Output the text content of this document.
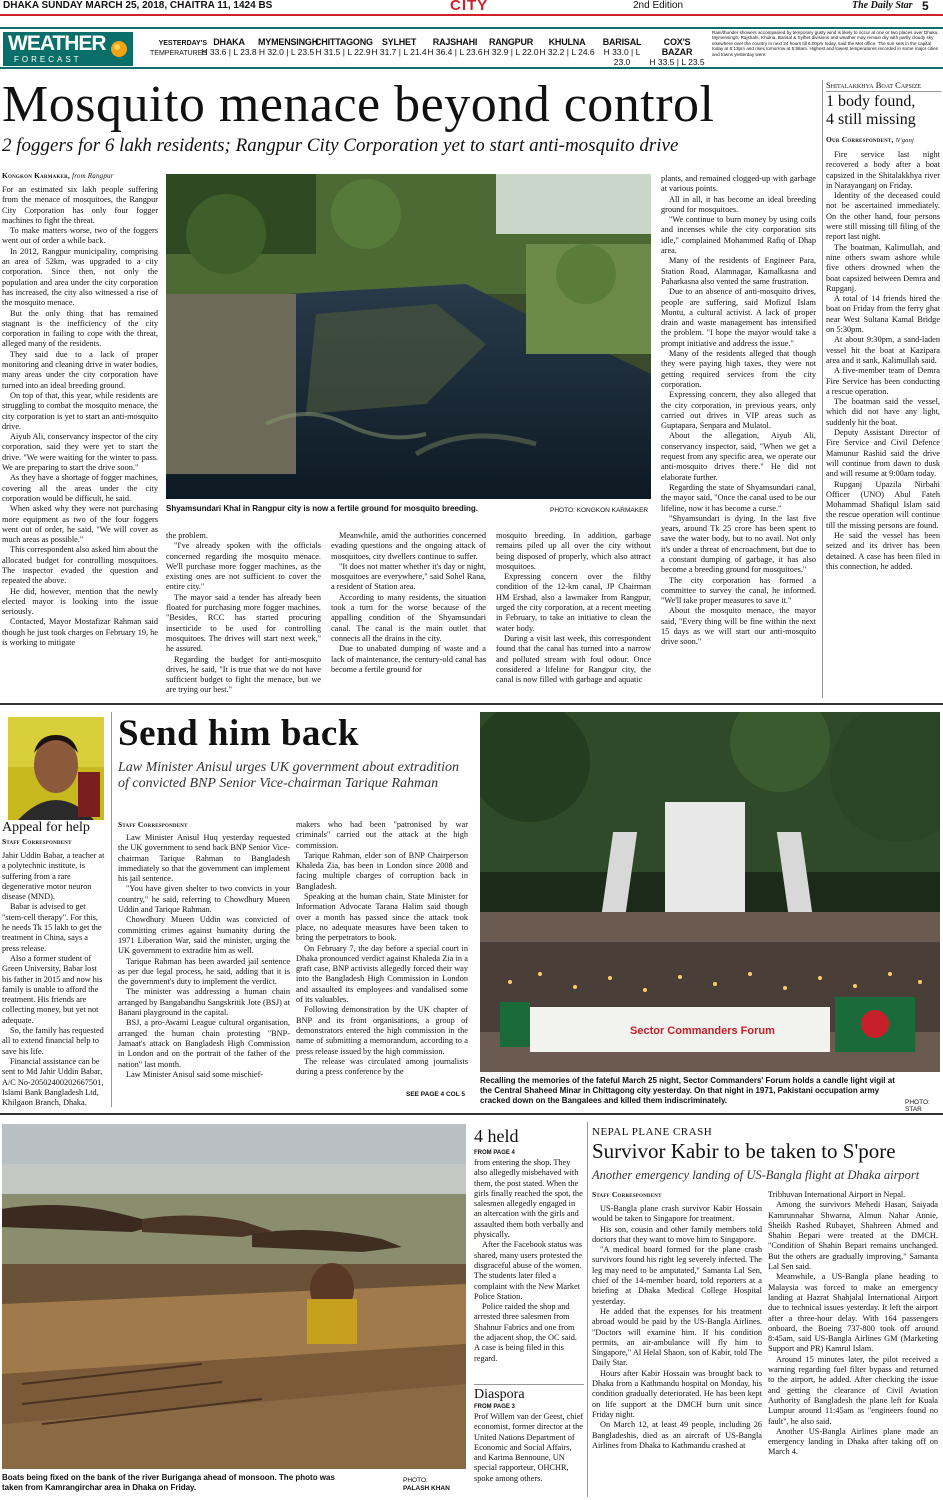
DHAKA SUNDAY MARCH 25, 2018, CHAITRA 11, 1424 BS	CITY	2nd Edition	The Daily Star 5
WEATHER
FORECAST
YESTERDAY'S
TEMPERATURES
DHAKA
H 33.6 | L 23.8
MYMENSINGH
H 32.0 | L 23.5
CHITTAGONG
H 31.5 | L 22.9
SYLHET
H 31.7 | L 21.4
RAJSHAHI
H 36.4 | L 23.6
RANGPUR
H 32.9 | L 22.0
KHULNA
H 32.2 | L 24.6
BARISAL
H 33.0 | L 23.0
COX'S BAZAR
H 33.5 | L 23.5
Rain/thunder showers accompanied by temporary gusty wind is likely to occur at one or two places over Dhaka, Mymensingh, Rajshahi, Khulna, Barisal & Sylhet divisions and weather may remain dry with partly cloudy sky elsewhere over the country in next 24 hours till 6:00pm today, said the Met office. The sun sets in the capital today at 6:13pm and rises tomorrow at 5:58am. Highest and lowest temperatures recorded in some major cities and towns yesterday were:
Mosquito menace beyond control
2 foggers for 6 lakh residents; Rangpur City Corporation yet to start anti-mosquito drive
Kongkon Karmaker, from Rangpur

For an estimated six lakh people suffering from the menace of mosquitoes, the Rangpur City Corporation has only four fogger machines to fight the threat.

To make matters worse, two of the foggers went out of order a while back.

In 2012, Rangpur municipality, comprising an area of 52km, was upgraded to a city corporation. Since then, not only the population and area under the city corporation has increased, the city also witnessed a rise of the mosquito menace.

But the only thing that has remained stagnant is the inefficiency of the city corporation in failing to cope with the threat, alleged many of the residents.

They said due to a lack of proper monitoring and cleaning drive in water bodies, many areas under the city corporation have turned into an ideal breeding ground.

On top of that, this year, while residents are struggling to combat the mosquito menace, the city corporation is yet to start an anti-mosquito drive.

Aiyub Ali, conservancy inspector of the city corporation, said they were yet to start the drive. "We were waiting for the winter to pass. We are preparing to start the drive soon."

As they have a shortage of fogger machines, covering all the areas under the city corporation would be difficult, he said.

When asked why they were not purchasing more equipment as two of the four foggers went out of order, he said, "We will cover as much areas as possible."

This correspondent also asked him about the allocated budget for controlling mosquitoes. The inspector evaded the question and repeated the above.

He did, however, mention that the newly elected mayor is looking into the issue seriously.

Contacted, Mayor Mostafizar Rahman said though he just took charges on February 19, he is working to mitigate

Shyamsundari Khal in Rangpur city is now a fertile ground for mosquito breeding.	PHOTO: KONGKON KARMAKER

the problem.

"I've already spoken with the officials concerned regarding the mosquito menace. We'll purchase more fogger machines, as the existing ones are not sufficient to cover the entire city."

The mayor said a tender has already been floated for purchasing more fogger machines. "Besides, RCC has started procuring insecticide to be used for controlling mosquitoes. The drives will start next week," he assured.

Regarding the budget for anti-mosquito drives, he said, "It is true that we do not have sufficient budget to fight the menace, but we are trying our best."

Meanwhile, amid the authorities concerned evading questions and the ongoing attack of mosquitoes, city dwellers continue to suffer.

"It does not matter whether it's day or night, mosquitoes are everywhere," said Sohel Rana, a resident of Station area.

According to many residents, the situation took a turn for the worse because of the appalling condition of the Shyamsundari canal. The canal is the main outlet that connects all the drains in the city.

Due to unabated dumping of waste and a lack of maintenance, the century-old canal has become a fertile ground for

mosquito breeding. In addition, garbage remains piled up all over the city without being disposed of properly, which also attract mosquitoes.

Expressing concern over the filthy condition of the 12-km canal, JP Chairman HM Ershad, also a lawmaker from Rangpur, urged the city corporation, at a recent meeting in February, to take an initiative to clean the water body.

During a visit last week, this correspondent found that the canal has turned into a narrow and polluted stream with foul odour. Once considered a lifeline for Rangpur city, the canal is now filled with garbage and aquatic

plants, and remained clogged-up with garbage at various points.

All in all, it has become an ideal breeding ground for mosquitoes.

"We continue to burn money by using coils and incenses while the city corporation sits idle," complained Mohammed Rafiq of Dhap area.

Many of the residents of Engineer Para, Station Road, Alamnagar, Kamalkasna and Paharkasna also vented the same frustration.

Due to an absence of anti-mosquito drives, people are suffering, said Mofizul Islam Montu, a cultural activist. A lack of proper drain and waste management has intensified the problem. "I hope the mayor would take a prompt initiative and address the issue."

Many of the residents alleged that though they were paying high taxes, they were not getting required services from the city corporation.

Expressing concern, they also alleged that the city corporation, in previous years, only carried out drives in VIP areas such as Guptapara, Senpara and Mulatol.

About the allegation, Aiyub Ali, conservancy inspector, said, "When we get a request from any specific area, we operate our anti-mosquito drives there." He did not elaborate further.

Regarding the state of Shyamsundari canal, the mayor said, "Once the canal used to be our lifeline, now it has become a curse."

"Shyamsundari is dying. In the last five years, around Tk 25 crore has been spent to save the water body, but to no avail. Not only it's under a threat of encroachment, but due to a constant dumping of garbage, it has also become a breeding ground for mosquitoes."

The city corporation has formed a committee to survey the canal, he informed. "We'll take proper measures to save it."

About the mosquito menace, the mayor said, "Every thing will be fine within the next 15 days as we will start our anti-mosquito drive soon."

Shitalakkhya Boat Capsize
1 body found,
4 still missing
Our Correspondent, N'ganj

Fire service last night recovered a body after a boat capsized in the Shitalakkhya river in Narayanganj on Friday.

Identity of the deceased could not be ascertained immediately. On the other hand, four persons were still missing till filing of the report last night.

The boatman, Kalimullah, and nine others swam ashore while five others drowned when the boat capsized between Demra and Rupganj.

A total of 14 friends hired the boat on Friday from the ferry ghat near West Sultana Kamal Bridge on 5:30pm.

At about 9:30pm, a sand-laden vessel hit the boat at Kazipara area and it sank, Kalimullah said.

A five-member team of Demra Fire Service has been conducting a rescue operation.

The boatman said the vessel, which did not have any light, suddenly hit the boat.

Deputy Assistant Director of Fire Service and Civil Defence Mamunur Rashid said the drive will continue from dawn to dusk and will resume at 9:00am today.

Rupganj Upazila Nirbahi Officer (UNO) Abul Fateh Mohammad Shafiqul Islam said the rescue operation will continue till the missing persons are found.

He said the vessel has been seized and its driver has been detained. A case has been filed in this connection, he added.

Appeal for help
Staff Correspondent

Jahir Uddin Babar, a teacher at a polytechnic institute, is suffering from a rare degenerative motor neuron disease (MND).

Babar is advised to get "stem-cell therapy". For this, he needs Tk 15 lakh to get the treatment in China, says a press release.

Also a former student of Green University, Babar lost his father in 2015 and now his family is unable to afford the treatment. His friends are collecting money, but yet not adequate.

So, the family has requested all to extend financial help to save his life.

Financial assistance can be sent to Md Jahir Uddin Babar, A/C No-20502400202667501, Islami Bank Bangladesh Ltd, Khilgaon Branch, Dhaka.

Send him back
Law Minister Anisul urges UK government about extradition of convicted BNP Senior Vice-chairman Tarique Rahman
Staff Correspondent

Law Minister Anisul Huq yesterday requested the UK government to send back BNP Senior Vice-chairman Tarique Rahman to Bangladesh immediately so that the government can implement his jail sentence.

"You have given shelter to two convicts in your country," he said, referring to Chowdhury Mueen Uddin and Tarique Rahman.

Chowdhury Mueen Uddin was convicted of committing crimes against humanity during the 1971 Liberation War, said the minister, urging the UK government to extradite him as well.

Tarique Rahman has been awarded jail sentence as per due legal process, he said, adding that it is the government's duty to implement the verdict.

The minister was addressing a human chain arranged by Bangabandhu Sangskritik Jote (BSJ) at Banani playground in the capital.

BSJ, a pro-Awami League cultural organisation, arranged the human chain protesting "BNP-Jamaat's attack on Bangladesh High Commission in London and on the portrait of the father of the nation" last month.

Law Minister Anisul said some mischief-

makers who had been "patronised by war criminals" carried out the attack at the high commission.

Tarique Rahman, elder son of BNP Chairperson Khaleda Zia, has been in London since 2008 and facing multiple charges of corruption back in Bangladesh.

Speaking at the human chain, State Minister for Information Advocate Tarana Halim said though over a month has passed since the attack took place, no adequate measures have been taken to bring the perpetrators to book.

On February 7, the day before a special court in Dhaka pronounced verdict against Khaleda Zia in a graft case, BNP activists allegedly forced their way into the Bangladesh High Commission in London and assaulted its employees and vandalised some of its valuables.

Following demonstration by the UK chapter of BNP and its front organisations, a group of demonstrators entered the high commission in the name of submitting a memorandum, according to a press release issued by the high commission.

The release was circulated among journalists during a press conference by the

SEE PAGE 4 COL 5
Sector Commanders Forum
Recalling the memories of the fateful March 25 night, Sector Commanders' Forum holds a candle light vigil at the Central Shaheed Minar in Chittagong city yesterday. On that night in 1971, Pakistani occupation army cracked down on the Bangalees and killed them indiscriminately.	PHOTO: STAR
Boats being fixed on the bank of the river Buriganga ahead of monsoon. The photo was taken from Kamrangirchar area in Dhaka on Friday.
PHOTO:
PALASH KHAN
4 held
FROM PAGE 4

from entering the shop. They also allegedly misbehaved with them, the post stated. When the girls finally reached the spot, the salesmen allegedly engaged in an altercation with the girls and assaulted them both verbally and physically.

After the Facebook status was shared, many users protested the disgraceful abuse of the women. The students later filed a complaint with the New Market Police Station.

Police raided the shop and arrested three salesmen from Shahnur Fabrics and one from the adjacent shop, the OC said. A case is being filed in this regard.

Diaspora
FROM PAGE 3

Prof Willem van der Geest, chief economist, former director at the United Nations Department of Economic and Social Affairs, and Karima Bennoune, UN special rapporteur, OHCHR, spoke among others.

NEPAL PLANE CRASH
Survivor Kabir to be taken to S'pore
Another emergency landing of US-Bangla flight at Dhaka airport
Staff Correspondent

US-Bangla plane crash survivor Kabir Hossain would be taken to Singapore for treatment.

His son, cousin and other family members told doctors that they want to move him to Singapore.

"A medical board formed for the plane crash survivors found his right leg severely infected. The leg may need to be amputated," Samanta Lal Sen, chief of the 14-member board, told reporters at a briefing at Dhaka Medical College Hospital yesterday.

He added that the expenses for his treatment abroad would be paid by the US-Bangla Airlines. "Doctors will examine him. If his condition permits, an air-ambulance will fly him to Singapore," Al Helal Shaon, son of Kabir, told The Daily Star.

Hours after Kabir Hossain was brought back to Dhaka from a Kathmandu hospital on Monday, his condition gradually deteriorated. He has been kept on life support at the DMCH burn unit since Friday night.

On March 12, at least 49 people, including 26 Bangladeshis, died as an aircraft of US-Bangla Airlines from Dhaka to Kathmandu crashed at

Tribhuvan International Airport in Nepal.

Among the survivors Mehedi Hasan, Saiyada Kamrunnahar Shwarna, Almun Nahar Annie, Sheikh Rashed Rubayet, Shahreen Ahmed and Shahin Bepari were treated at the DMCH. "Condition of Shahin Bepari remains unchanged. But the others are gradually improving," Samanta Lal Sen said.

Meanwhile, a US-Bangla plane heading to Malaysia was forced to make an emergency landing at Hazrat Shahjalal International Airport due to technical issues yesterday. It left the airport after a three-hour delay. With 164 passengers onboard, the Boeing 737-800 took off around 8:45am, said US-Bangla Airlines GM (Marketing Support and PR) Kamrul Islam.

Around 15 minutes later, the pilot received a warning regarding fuel filter bypass and returned to the airport, he added. After checking the issue and getting the clearance of Civil Aviation Authority of Bangladesh the plane left for Kuala Lumpur around 11:45am as "engineers found no fault", he also said.

Another US-Bangla Airlines plane made an emergency landing in Dhaka after taking off on March 4.
